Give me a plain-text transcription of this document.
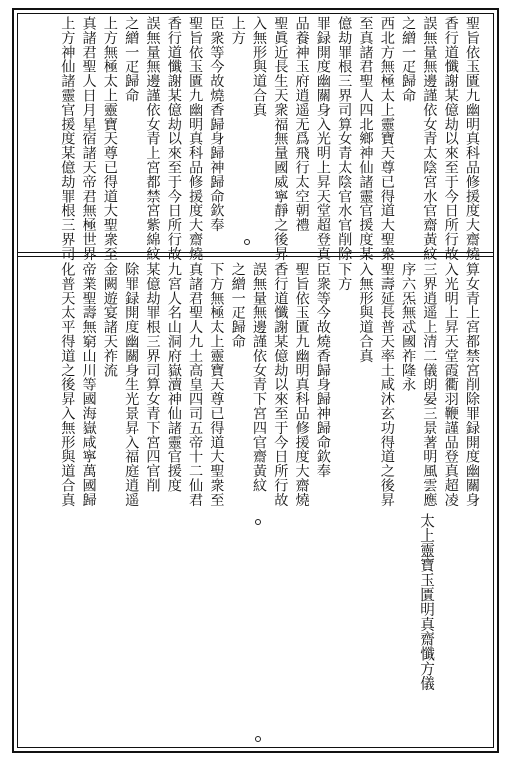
聖旨依玉匱九幽明真科品修援度大齋燒
香行道懺謝某億劫以來至于今日所行故
誤無量無邊謹依女青太陰宮水官齋黃紋
之繒一疋歸命
西北方無極太上靈寶天尊已得道大聖衆
至真諸君聖人四北鄉神仙諸靈官援度某
億劫罪根三界司算女青太陰官水官削除
罪録開度幽關身入光明上昇天堂超登真
品養神玉府逍遥无爲飛行太空朝禮
聖眞近長生天衆福無量國威寧靜之後昇
入無形與道合真
上方
臣衆等今故燒香歸身歸神歸命欽奉
聖旨依玉匱九幽明真科品修援度大齋燒
香行道懺謝某億劫以來至于今日所行故
誤無量無邊謹依女青上宮都禁宮紫綿紋
之繒一疋歸命
上方無極太上靈寶天尊已得道大聖衆至
真諸君聖人日月星宿諸天帝君無極世界
上方神仙諸靈官援度某億劫罪根三界司
算女青上宮都禁宮削除罪録開度幽關身
入光明上昇天堂霞衢羽鞭謹品登真超凌
三界逍遥上清二儀朗晏三景著明風雲應
序六炁無忒國祚隆永
聖壽延長普天率土咸沐玄功得道之後昇
入無形與道合真
下方
臣衆等今故燒香歸身歸神歸命欽奉
聖旨依玉匱九幽明真科品修援度大齋燒
香行道懺謝某億劫以來至于今日所行故
誤無量無邊謹依女青下宮四官齋黃紋
之繒一疋歸命
下方無極太上靈寶天尊已得道大聖衆至
真諸君聖人九土高皇四司五帝十二仙君
九宮人名山洞府嶽瀆神仙諸靈官援度
某億劫罪根三界司算女青下宮四官削
除罪録開度幽關身生光景昇入福庭逍遥
金闕遊宴諸天祚流
帝業聖壽無窮山川等國海嶽咸寧萬國歸
化普天太平得道之後昇入無形與道合真
太上靈寶玉匱明真齋懺方儀
